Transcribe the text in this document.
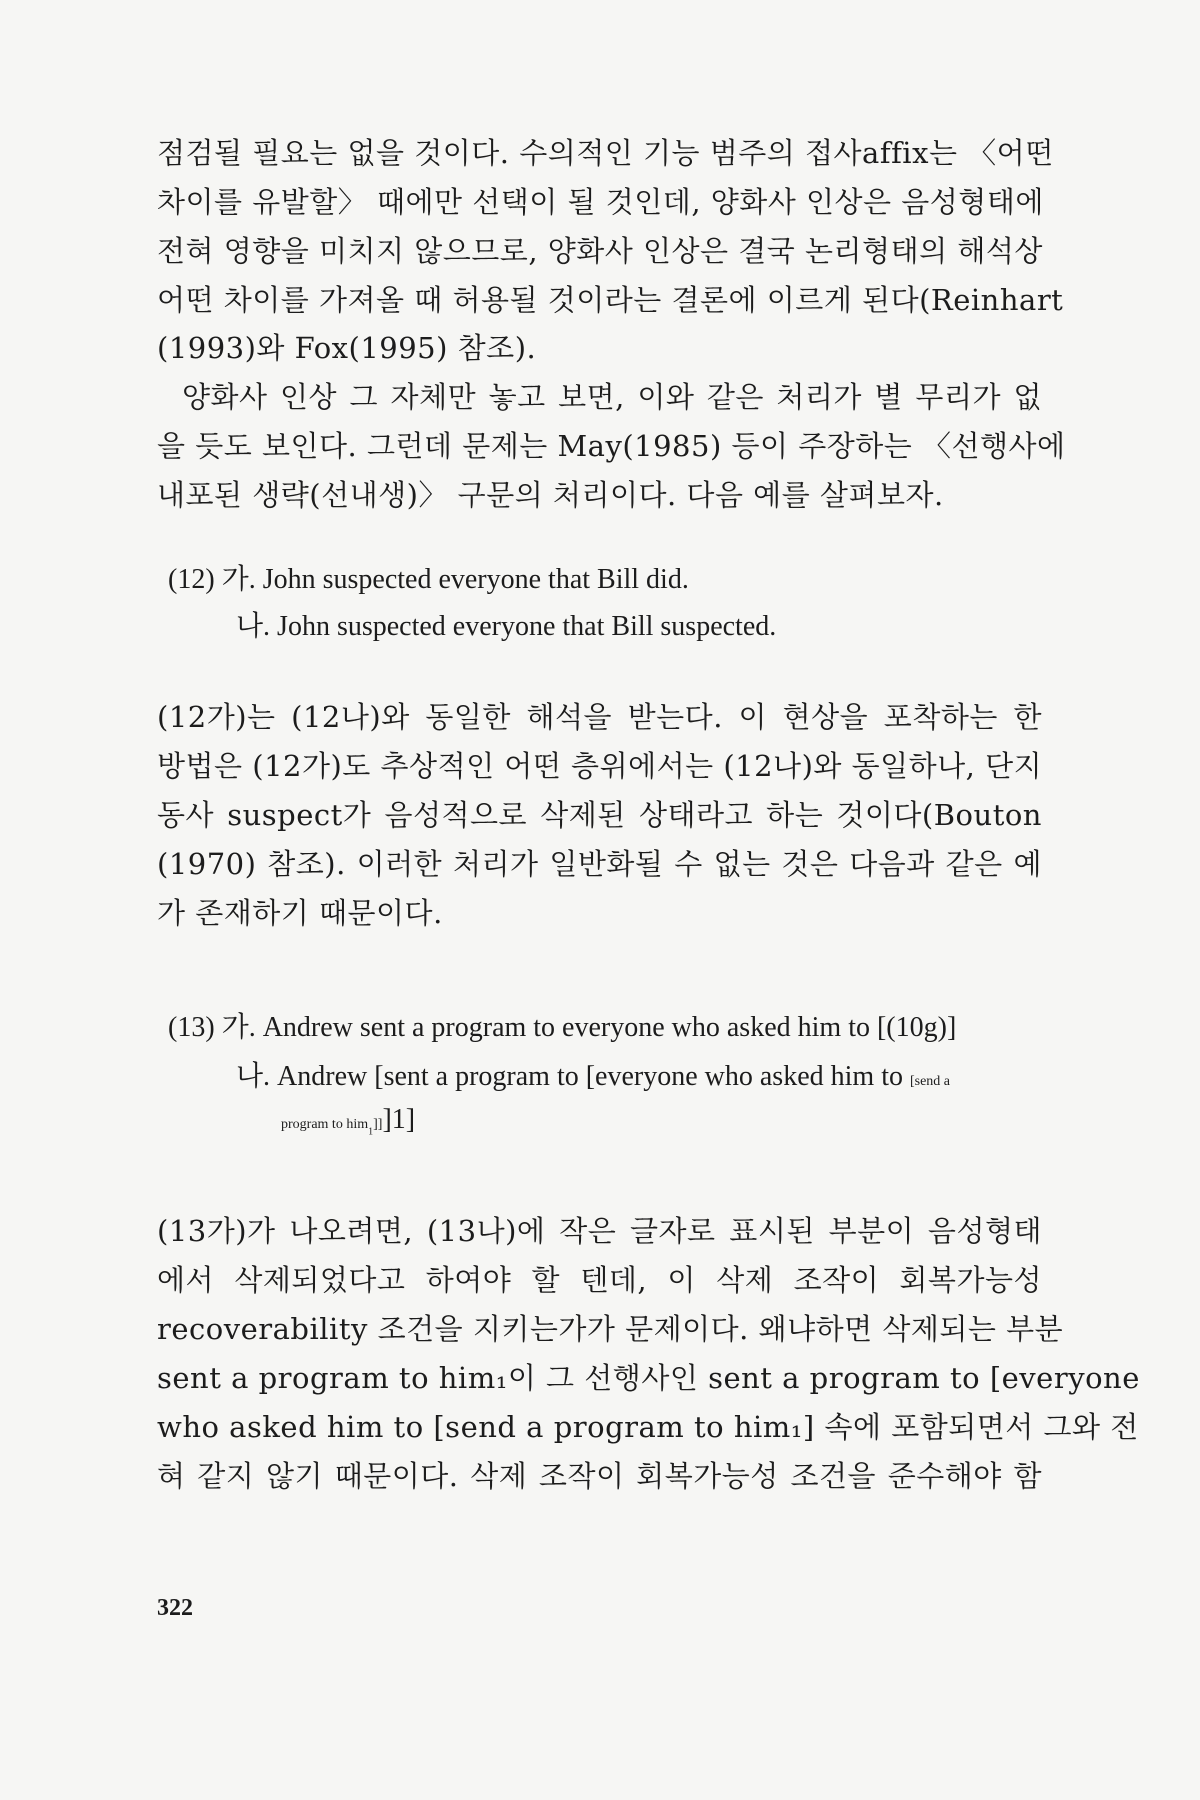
점검될 필요는 없을 것이다. 수의적인 기능 범주의 접사affix는 〈어떤
차이를 유발할〉 때에만 선택이 될 것인데, 양화사 인상은 음성형태에
전혀 영향을 미치지 않으므로, 양화사 인상은 결국 논리형태의 해석상
어떤 차이를 가져올 때 허용될 것이라는 결론에 이르게 된다(Reinhart
(1993)와 Fox(1995) 참조).
양화사 인상 그 자체만 놓고 보면, 이와 같은 처리가 별 무리가 없
을 듯도 보인다. 그런데 문제는 May(1985) 등이 주장하는 〈선행사에
내포된 생략(선내생)〉 구문의 처리이다. 다음 예를 살펴보자.
(12) 가. John suspected everyone that Bill did.
나. John suspected everyone that Bill suspected.
(12가)는 (12나)와 동일한 해석을 받는다. 이 현상을 포착하는 한
방법은 (12가)도 추상적인 어떤 층위에서는 (12나)와 동일하나, 단지
동사 suspect가 음성적으로 삭제된 상태라고 하는 것이다(Bouton
(1970) 참조). 이러한 처리가 일반화될 수 없는 것은 다음과 같은 예
가 존재하기 때문이다.
(13) 가. Andrew sent a program to everyone who asked him to [(10g)]
나. Andrew [sent a program to [everyone who asked him to [send a
program to him$_1$]]]1]
(13가)가 나오려면, (13나)에 작은 글자로 표시된 부분이 음성형태
에서 삭제되었다고 하여야 할 텐데, 이 삭제 조작이 회복가능성
recoverability 조건을 지키는가가 문제이다. 왜냐하면 삭제되는 부분
sent a program to him₁이 그 선행사인 sent a program to [everyone
who asked him to [send a program to him₁] 속에 포함되면서 그와 전
혀 같지 않기 때문이다. 삭제 조작이 회복가능성 조건을 준수해야 함
322
